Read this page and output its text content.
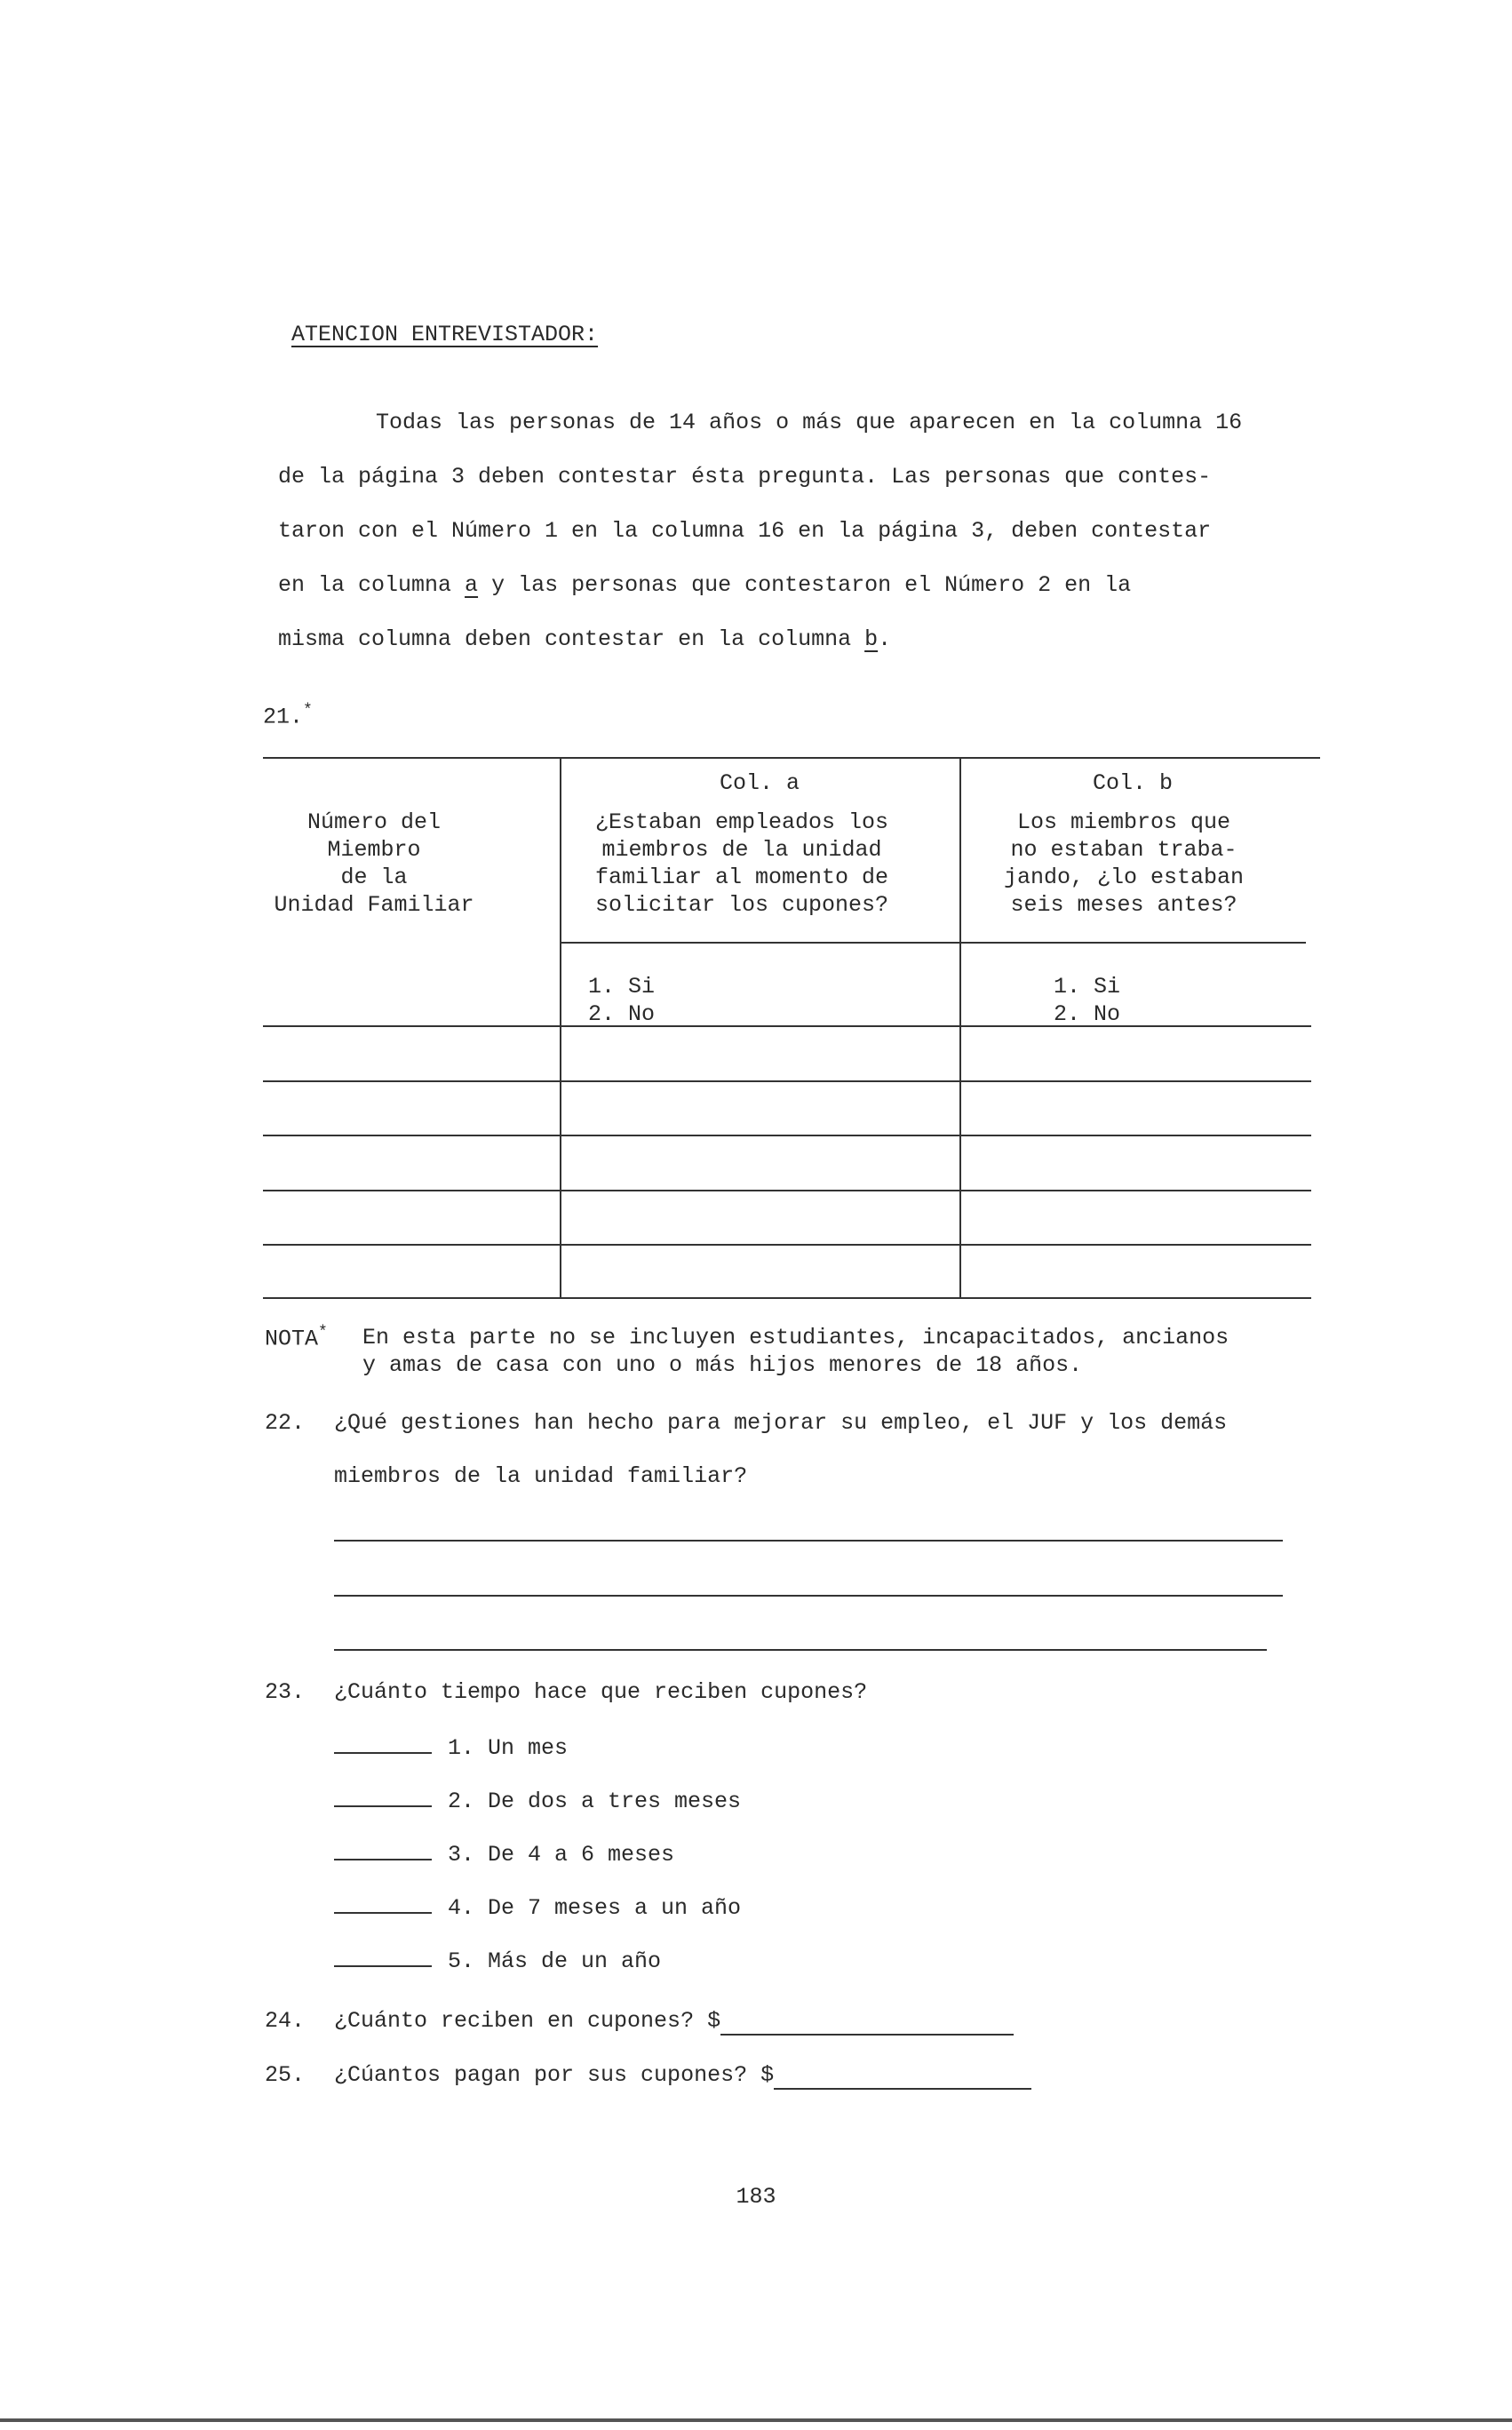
ATENCION ENTREVISTADOR:
Todas las personas de 14 años o más que aparecen en la columna 16
de la página 3 deben contestar ésta pregunta. Las personas que contes-
taron con el Número 1 en la columna 16 en la página 3, deben contestar
en la columna a y las personas que contestaron el Número 2 en la
misma columna deben contestar en la columna b.
21.*
Número del
Miembro
de la
Unidad Familiar
Col. a
¿Estaban empleados los
miembros de la unidad
familiar al momento de
solicitar los cupones?
Col. b
Los miembros que
no estaban traba-
jando, ¿lo estaban
seis meses antes?
1. Si
2. No
1. Si
2. No
NOTA* En esta parte no se incluyen estudiantes, incapacitados, ancianos
y amas de casa con uno o más hijos menores de 18 años.
22. ¿Qué gestiones han hecho para mejorar su empleo, el JUF y los demás
miembros de la unidad familiar?
23. ¿Cuánto tiempo hace que reciben cupones?
1. Un mes
2. De dos a tres meses
3. De 4 a 6 meses
4. De 7 meses a un año
5. Más de un año
24. ¿Cuánto reciben en cupones? $
25. ¿Cúantos pagan por sus cupones? $
183
